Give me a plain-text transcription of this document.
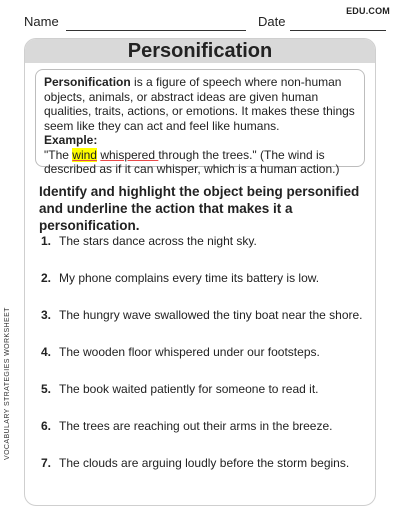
EDU.COM
Name	Date
Personification
Personification is a figure of speech where non-human objects, animals, or abstract ideas are given human qualities, traits, actions, or emotions. It makes these things seem like they can act and feel like humans.
Example:
"The wind whispered through the trees." (The wind is described as if it can whisper, which is a human action.)
Identify and highlight the object being personified and underline the action that makes it a personification.
1. The stars dance across the night sky.
2. My phone complains every time its battery is low.
3. The hungry wave swallowed the tiny boat near the shore.
4. The wooden floor whispered under our footsteps.
5. The book waited patiently for someone to read it.
6. The trees are reaching out their arms in the breeze.
7. The clouds are arguing loudly before the storm begins.
VOCABULARY STRATEGIES WORKSHEET
